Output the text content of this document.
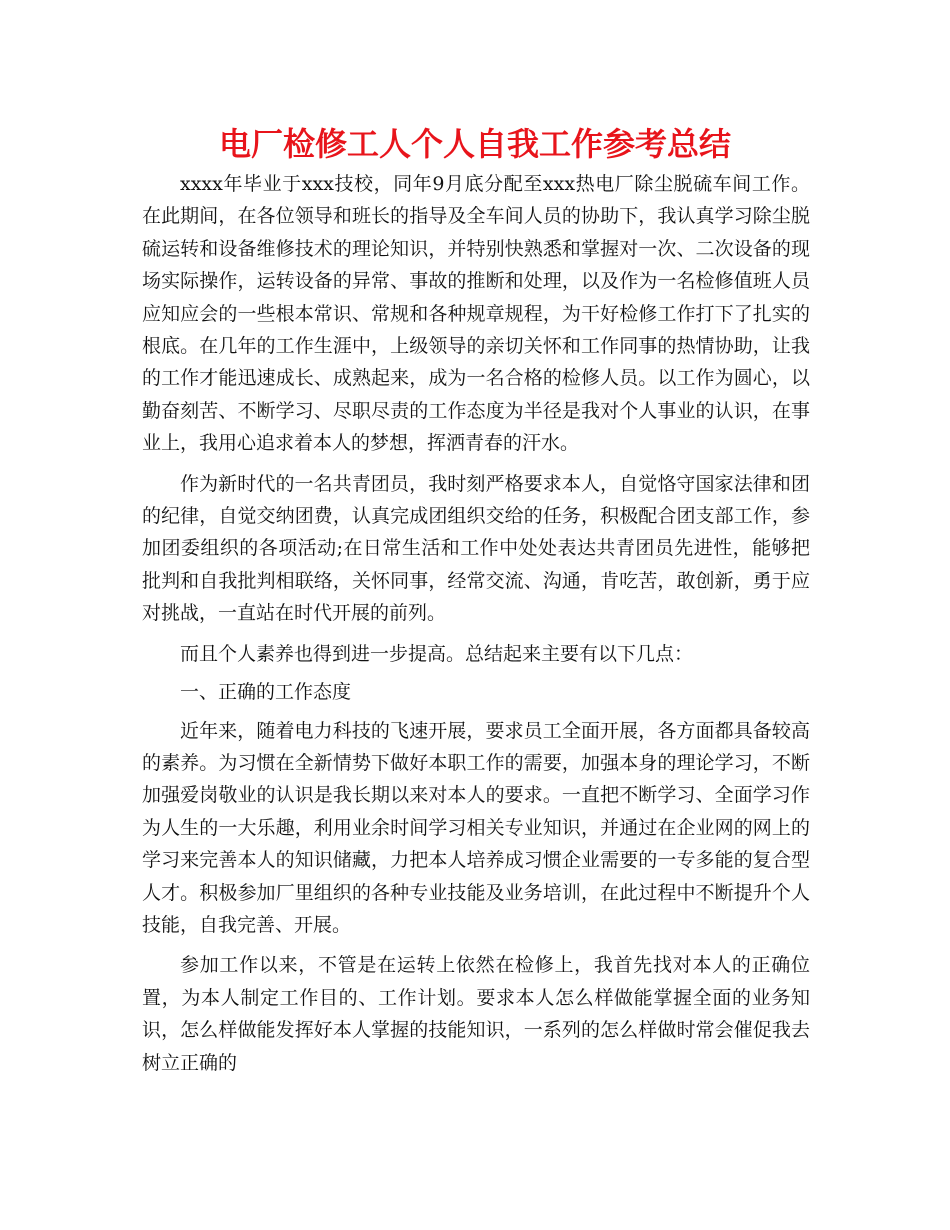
电厂检修工人个人自我工作参考总结

xxxx年毕业于xxx技校，同年9月底分配至xxx热电厂除尘脱硫车间工作。在此期间，在各位领导和班长的指导及全车间人员的协助下，我认真学习除尘脱硫运转和设备维修技术的理论知识，并特别快熟悉和掌握对一次、二次设备的现场实际操作，运转设备的异常、事故的推断和处理，以及作为一名检修值班人员应知应会的一些根本常识、常规和各种规章规程，为干好检修工作打下了扎实的根底。在几年的工作生涯中，上级领导的亲切关怀和工作同事的热情协助，让我的工作才能迅速成长、成熟起来，成为一名合格的检修人员。以工作为圆心，以勤奋刻苦、不断学习、尽职尽责的工作态度为半径是我对个人事业的认识，在事业上，我用心追求着本人的梦想，挥洒青春的汗水。

作为新时代的一名共青团员，我时刻严格要求本人，自觉恪守国家法律和团的纪律，自觉交纳团费，认真完成团组织交给的任务，积极配合团支部工作，参加团委组织的各项活动;在日常生活和工作中处处表达共青团员先进性，能够把批判和自我批判相联络，关怀同事，经常交流、沟通，肯吃苦，敢创新，勇于应对挑战，一直站在时代开展的前列。

而且个人素养也得到进一步提高。总结起来主要有以下几点：

一、正确的工作态度

近年来，随着电力科技的飞速开展，要求员工全面开展，各方面都具备较高的素养。为习惯在全新情势下做好本职工作的需要，加强本身的理论学习，不断加强爱岗敬业的认识是我长期以来对本人的要求。一直把不断学习、全面学习作为人生的一大乐趣，利用业余时间学习相关专业知识，并通过在企业网的网上的学习来完善本人的知识储藏，力把本人培养成习惯企业需要的一专多能的复合型人才。积极参加厂里组织的各种专业技能及业务培训，在此过程中不断提升个人技能，自我完善、开展。

参加工作以来，不管是在运转上依然在检修上，我首先找对本人的正确位置，为本人制定工作目的、工作计划。要求本人怎么样做能掌握全面的业务知识，怎么样做能发挥好本人掌握的技能知识，一系列的怎么样做时常会催促我去树立正确的
